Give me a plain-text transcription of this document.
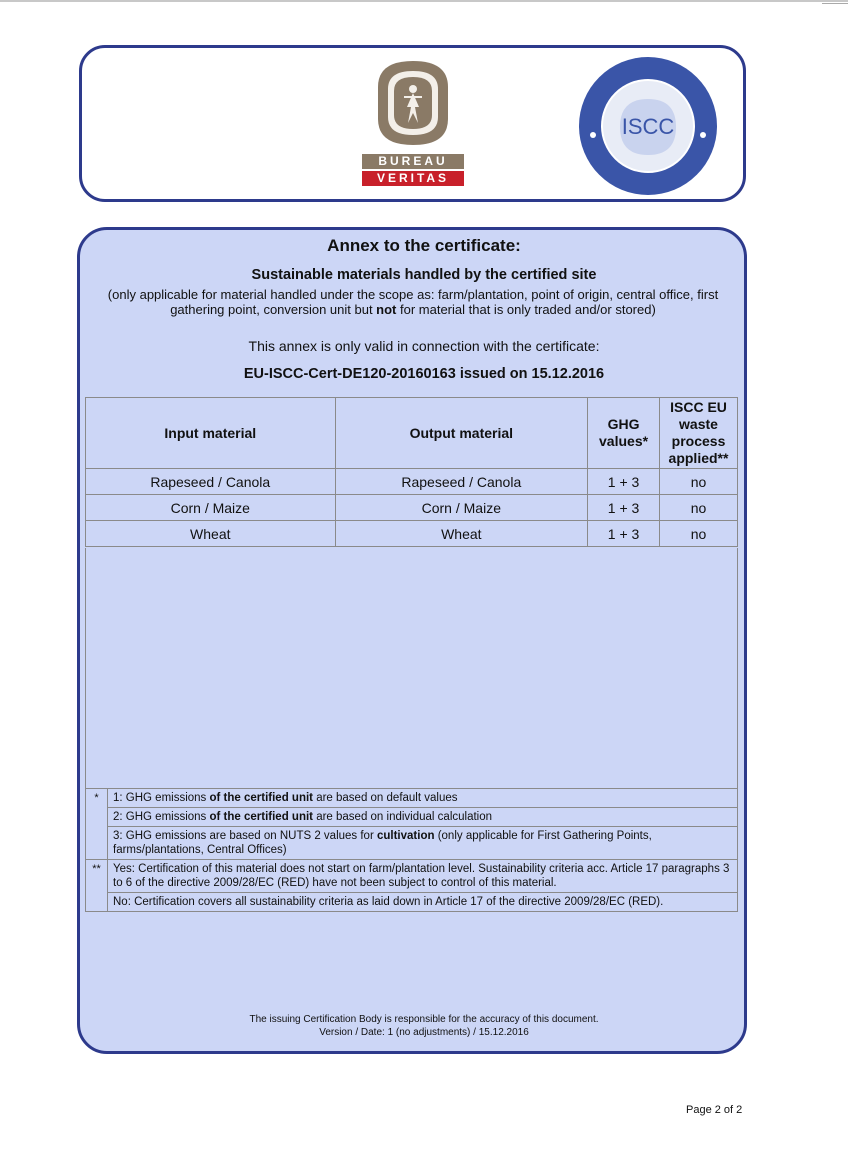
BUREAU
VERITAS
ISCC
Annex to the certificate:
Sustainable materials handled by the certified site
(only applicable for material handled under the scope as: farm/plantation, point of origin, central office, first gathering point, conversion unit but not for material that is only traded and/or stored)
This annex is only valid in connection with the certificate:
EU-ISCC-Cert-DE120-20160163 issued on 15.12.2016
Input material	Output material	GHG values*	ISCC EU waste process applied**
Rapeseed / Canola	Rapeseed / Canola	1 + 3	no
Corn / Maize	Corn / Maize	1 + 3	no
Wheat	Wheat	1 + 3	no
*	1: GHG emissions of the certified unit are based on default values
	2: GHG emissions of the certified unit are based on individual calculation
	3: GHG emissions are based on NUTS 2 values for cultivation (only applicable for First Gathering Points, farms/plantations, Central Offices)
**	Yes: Certification of this material does not start on farm/plantation level. Sustainability criteria acc. Article 17 paragraphs 3 to 6 of the directive 2009/28/EC (RED) have not been subject to control of this material.
	No: Certification covers all sustainability criteria as laid down in Article 17 of the directive 2009/28/EC (RED).
The issuing Certification Body is responsible for the accuracy of this document.
Version / Date: 1 (no adjustments) / 15.12.2016
Page 2 of 2
